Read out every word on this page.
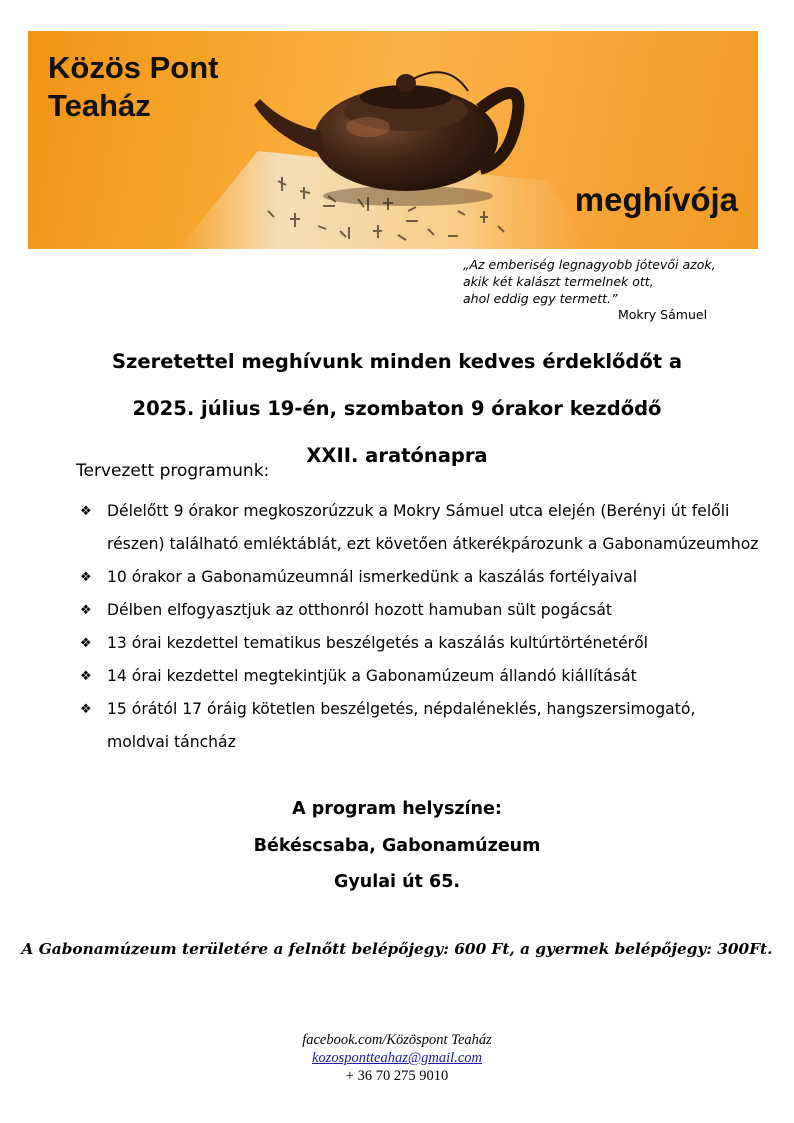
Közös Pont
Teaház
meghívója
„Az emberiség legnagyobb jótevői azok,
akik két kalászt termelnek ott,
ahol eddig egy termett.”
Mokry Sámuel
Szeretettel meghívunk minden kedves érdeklődőt a
2025. július 19-én, szombaton 9 órakor kezdődő
XXII. aratónapra
Tervezett programunk:
❖ Délelőtt 9 órakor megkoszorúzzuk a Mokry Sámuel utca elején (Berényi út felőli részen) található emléktáblát, ezt követően átkerékpározunk a Gabonamúzeumhoz
❖ 10 órakor a Gabonamúzeumnál ismerkedünk a kaszálás fortélyaival
❖ Délben elfogyasztjuk az otthonról hozott hamuban sült pogácsát
❖ 13 órai kezdettel tematikus beszélgetés a kaszálás kultúrtörténetéről
❖ 14 órai kezdettel megtekintjük a Gabonamúzeum állandó kiállítását
❖ 15 órától 17 óráig kötetlen beszélgetés, népdaléneklés, hangszersimogató, moldvai táncház
A program helyszíne:
Békéscsaba, Gabonamúzeum
Gyulai út 65.
A Gabonamúzeum területére a felnőtt belépőjegy: 600 Ft, a gyermek belépőjegy: 300Ft.
facebook.com/Közöspont Teaház
kozospontteahaz@gmail.com
+ 36 70 275 9010
